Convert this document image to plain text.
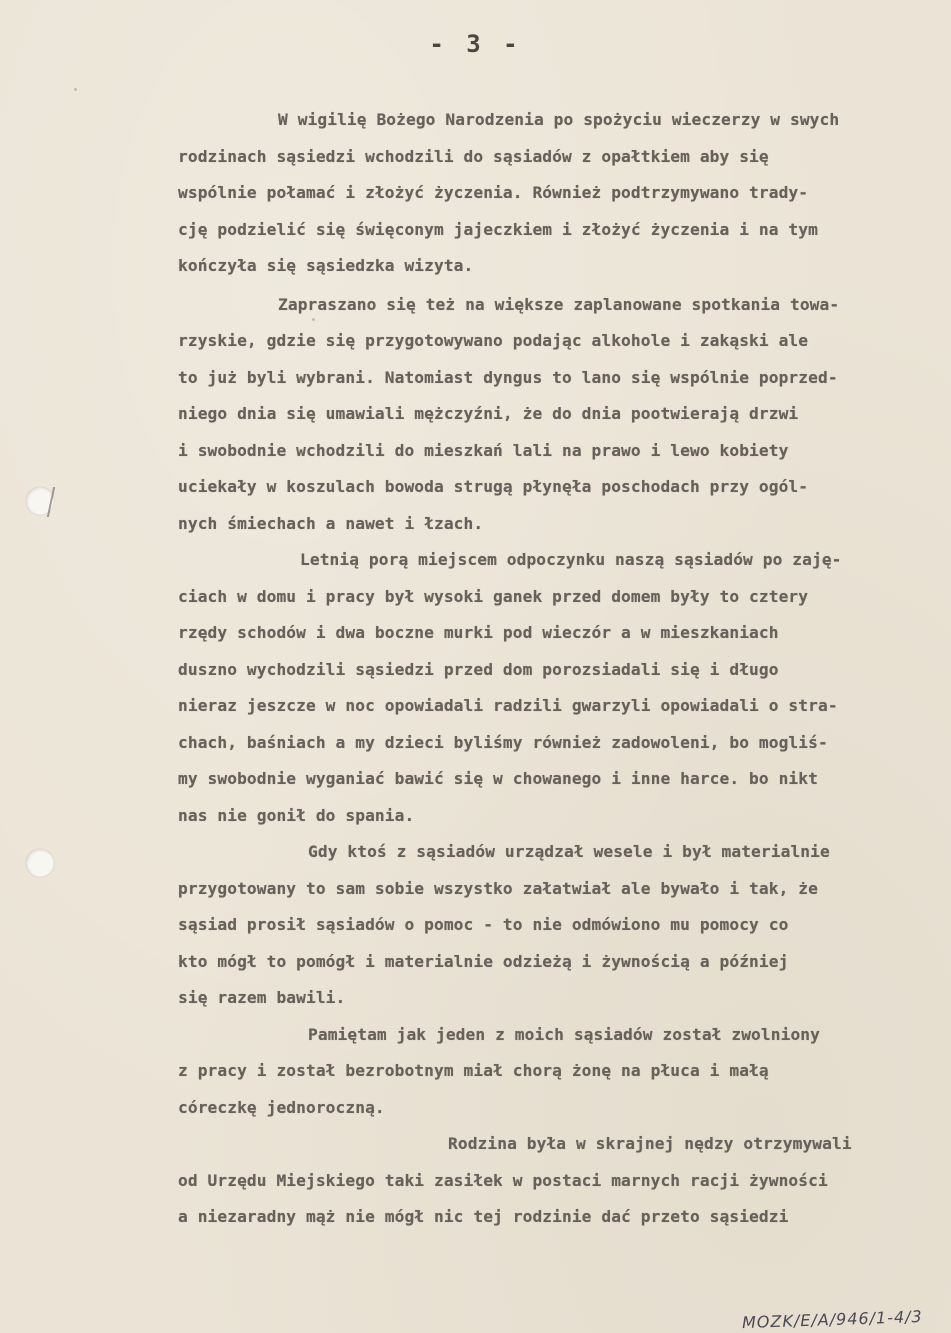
- 3 -
W wigilię Bożego Narodzenia po spożyciu wieczerzy w swych
rodzinach sąsiedzi wchodzili do sąsiadów z opałtkiem aby się
wspólnie połamać i złożyć życzenia. Również podtrzymywano trady-
cję podzielić się święconym jajeczkiem i złożyć życzenia i na tym
kończyła się sąsiedzka wizyta.
Zapraszano się też na większe zaplanowane spotkania towa-
rzyskie, gdzie się przygotowywano podając alkohole i zakąski ale
to już byli wybrani. Natomiast dyngus to lano się wspólnie poprzed-
niego dnia się umawiali mężczyźni, że do dnia pootwierają drzwi
i swobodnie wchodzili do mieszkań lali na prawo i lewo kobiety
uciekały w koszulach bowoda strugą płynęła poschodach przy ogól-
nych śmiechach a nawet i łzach.
Letnią porą miejscem odpoczynku naszą sąsiadów po zaję-
ciach w domu i pracy był wysoki ganek przed domem były to cztery
rzędy schodów i dwa boczne murki pod wieczór a w mieszkaniach
duszno wychodzili sąsiedzi przed dom porozsiadali się i długo
nieraz jeszcze w noc opowiadali radzili gwarzyli opowiadali o stra-
chach, baśniach a my dzieci byliśmy również zadowoleni, bo mogliś-
my swobodnie wyganiać bawić się w chowanego i inne harce. bo nikt
nas nie gonił do spania.
Gdy ktoś z sąsiadów urządzał wesele i był materialnie
przygotowany to sam sobie wszystko załatwiał ale bywało i tak, że
sąsiad prosił sąsiadów o pomoc - to nie odmówiono mu pomocy co
kto mógł to pomógł i materialnie odzieżą i żywnością a później
się razem bawili.
Pamiętam jak jeden z moich sąsiadów został zwolniony
z pracy i został bezrobotnym miał chorą żonę na płuca i małą
córeczkę jednoroczną.
Rodzina była w skrajnej nędzy otrzymywali
od Urzędu Miejskiego taki zasiłek w postaci marnych racji żywności
a niezaradny mąż nie mógł nic tej rodzinie dać przeto sąsiedzi
MOZK/E/A/946/1-4/3
